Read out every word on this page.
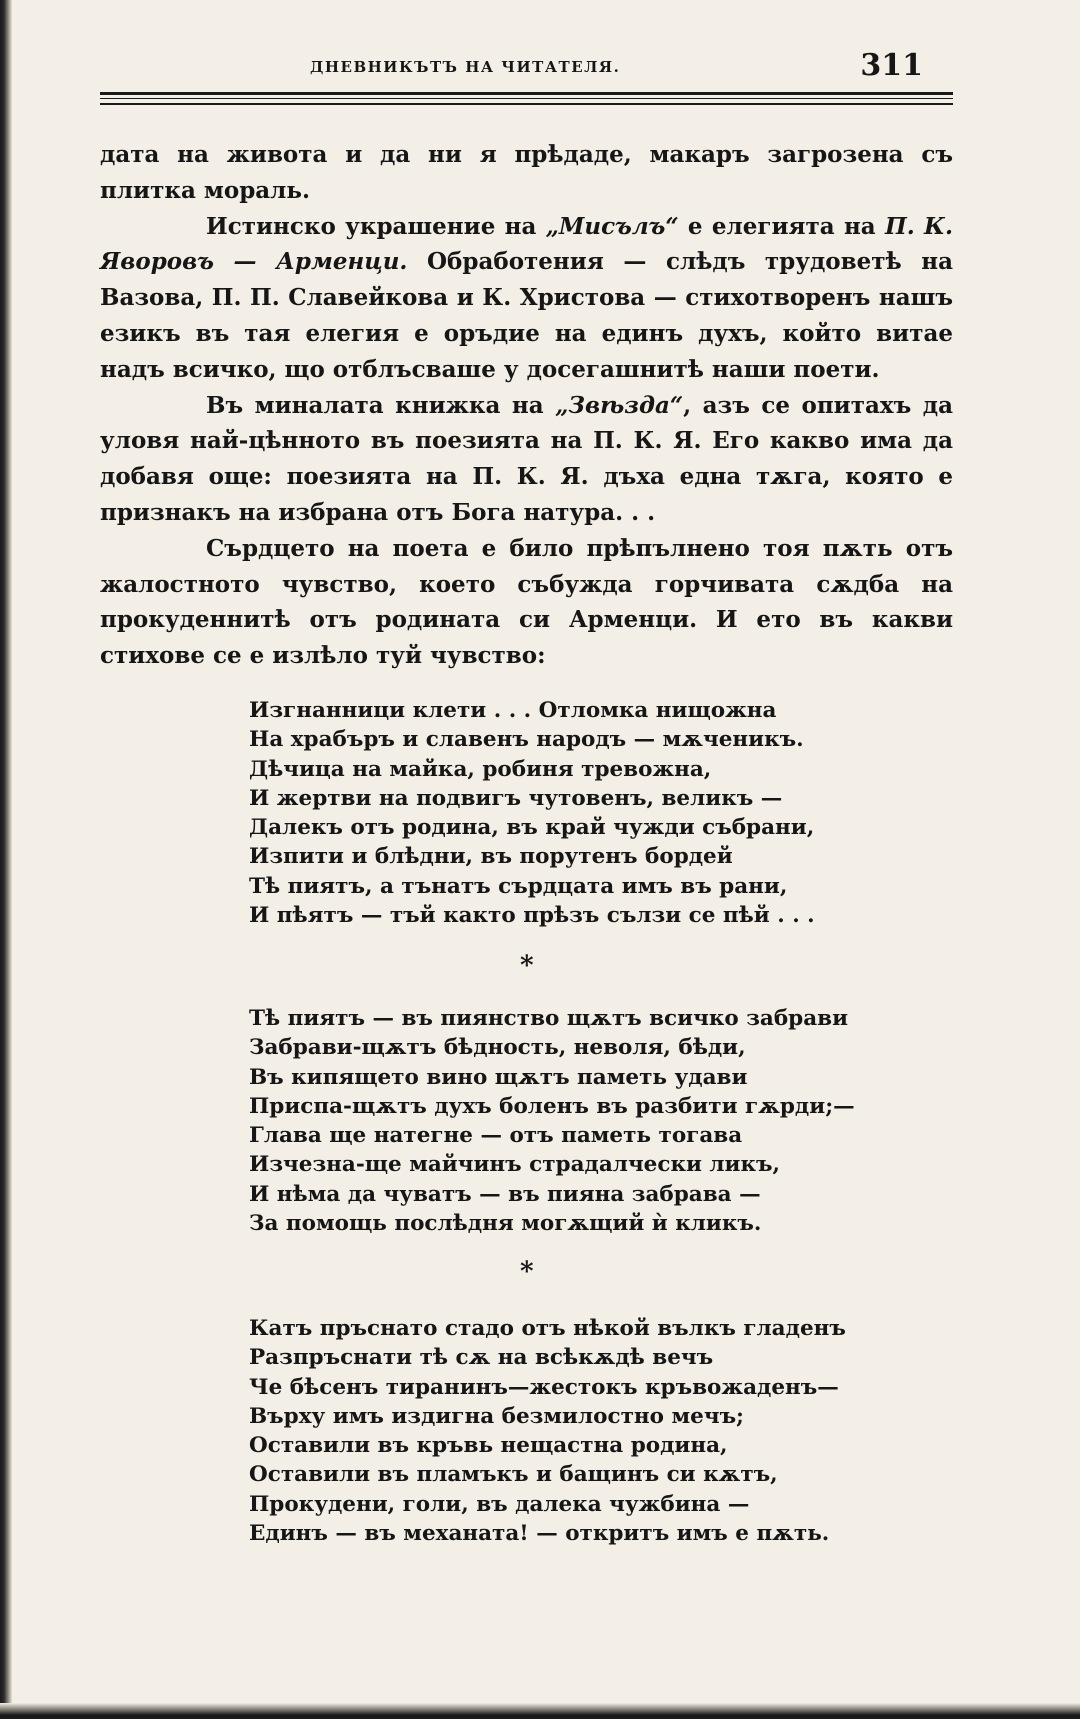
ДНЕВНИКЪТЪ НА ЧИТАТЕЛЯ.	311

дата на живота и да ни я прѣдаде, макаръ загрозена съ плитка мораль.

Истинско украшение на „Мисълъ“ е елегията на П. К. Яворовъ — Арменци. Обработения — слѣдъ трудоветѣ на Вазова, П. П. Славейкова и К. Христова — стихотворенъ нашъ езикъ въ тая елегия е оръдие на единъ духъ, който витае надъ всичко, що отблъсваше у досегашнитѣ наши поети.

Въ миналата книжка на „Звѣзда“, азъ се опитахъ да уловя най-цѣнното въ поезията на П. К. Я. Его какво има да добавя още: поезията на П. К. Я. дъха една тѫга, която е признакъ на избрана отъ Бога натура. . .

Сърдцето на поета е било прѣпълнено тоя пѫть отъ жалостното чувство, което събужда горчивата сѫдба на прокуденнитѣ отъ родината си Арменци. И ето въ какви стихове се е излѣло туй чувство:

Изгнанници клети . . . Отломка нищожна
На храбъръ и славенъ народъ — мѫченикъ.
Дѣчица на майка, робиня тревожна,
И жертви на подвигъ чутовенъ, великъ —
Далекъ отъ родина, въ край чужди събрани,
Изпити и блѣдни, въ порутенъ бордей
Тѣ пиятъ, а тънатъ сърдцата имъ въ рани,
И пѣятъ — тъй както прѣзъ сълзи се пѣй . . .
*
Тѣ пиятъ — въ пиянство щѫтъ всичко забрави
Забрави-щѫтъ бѣдность, неволя, бѣди,
Въ кипящето вино щѫтъ паметь удави
Приспа-щѫтъ духъ боленъ въ разбити гѫрди;—
Глава ще натегне — отъ паметь тогава
Изчезна-ще майчинъ страдалчески ликъ,
И нѣма да чуватъ — въ пияна забрава —
За помощь послѣдня могѫщий ѝ кликъ.
*
Катъ пръснато стадо отъ нѣкой вълкъ гладенъ
Разпръснати тѣ сѫ на всѣкѫдѣ вечъ
Че бѣсенъ тиранинъ—жестокъ кръвожаденъ—
Върху имъ издигна безмилостно мечъ;
Оставили въ кръвь нещастна родина,
Оставили въ пламъкъ и бащинъ си кѫтъ,
Прокудени, голи, въ далека чужбина —
Единъ — въ механата! — откритъ имъ е пѫть.
